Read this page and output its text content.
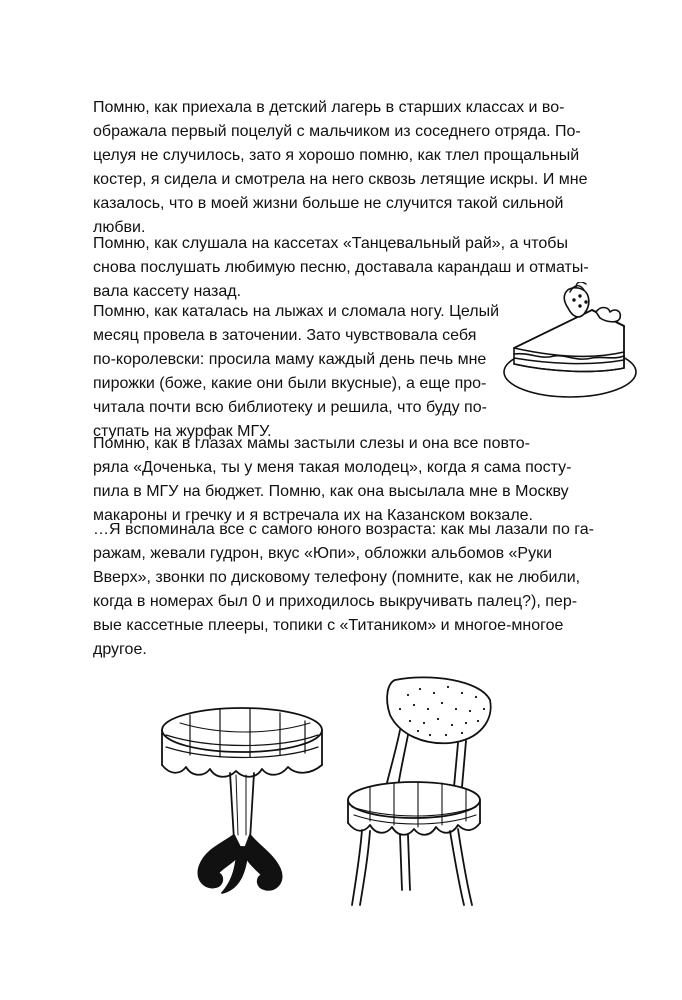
Помню, как приехала в детский лагерь в старших классах и во-
ображала первый поцелуй с мальчиком из соседнего отряда. По-
целуя не случилось, зато я хорошо помню, как тлел прощальный
костер, я сидела и смотрела на него сквозь летящие искры. И мне
казалось, что в моей жизни больше не случится такой сильной
любви.

Помню, как слушала на кассетах «Танцевальный рай», а чтобы
снова послушать любимую песню, доставала карандаш и отматы-
вала кассету назад.

Помню, как каталась на лыжах и сломала ногу. Целый
месяц провела в заточении. Зато чувствовала себя
по-королевски: просила маму каждый день печь мне
пирожки (боже, какие они были вкусные), а еще про-
читала почти всю библиотеку и решила, что буду по-
ступать на журфак МГУ.

Помню, как в глазах мамы застыли слезы и она все повто-
ряла «Доченька, ты у меня такая молодец», когда я сама посту-
пила в МГУ на бюджет. Помню, как она высылала мне в Москву
макароны и гречку и я встречала их на Казанском вокзале.

…Я вспоминала все с самого юного возраста: как мы лазали по га-
ражам, жевали гудрон, вкус «Юпи», обложки альбомов «Руки
Вверх», звонки по дисковому телефону (помните, как не любили,
когда в номерах был 0 и приходилось выкручивать палец?), пер-
вые кассетные плееры, топики с «Титаником» и многое-многое
другое.
